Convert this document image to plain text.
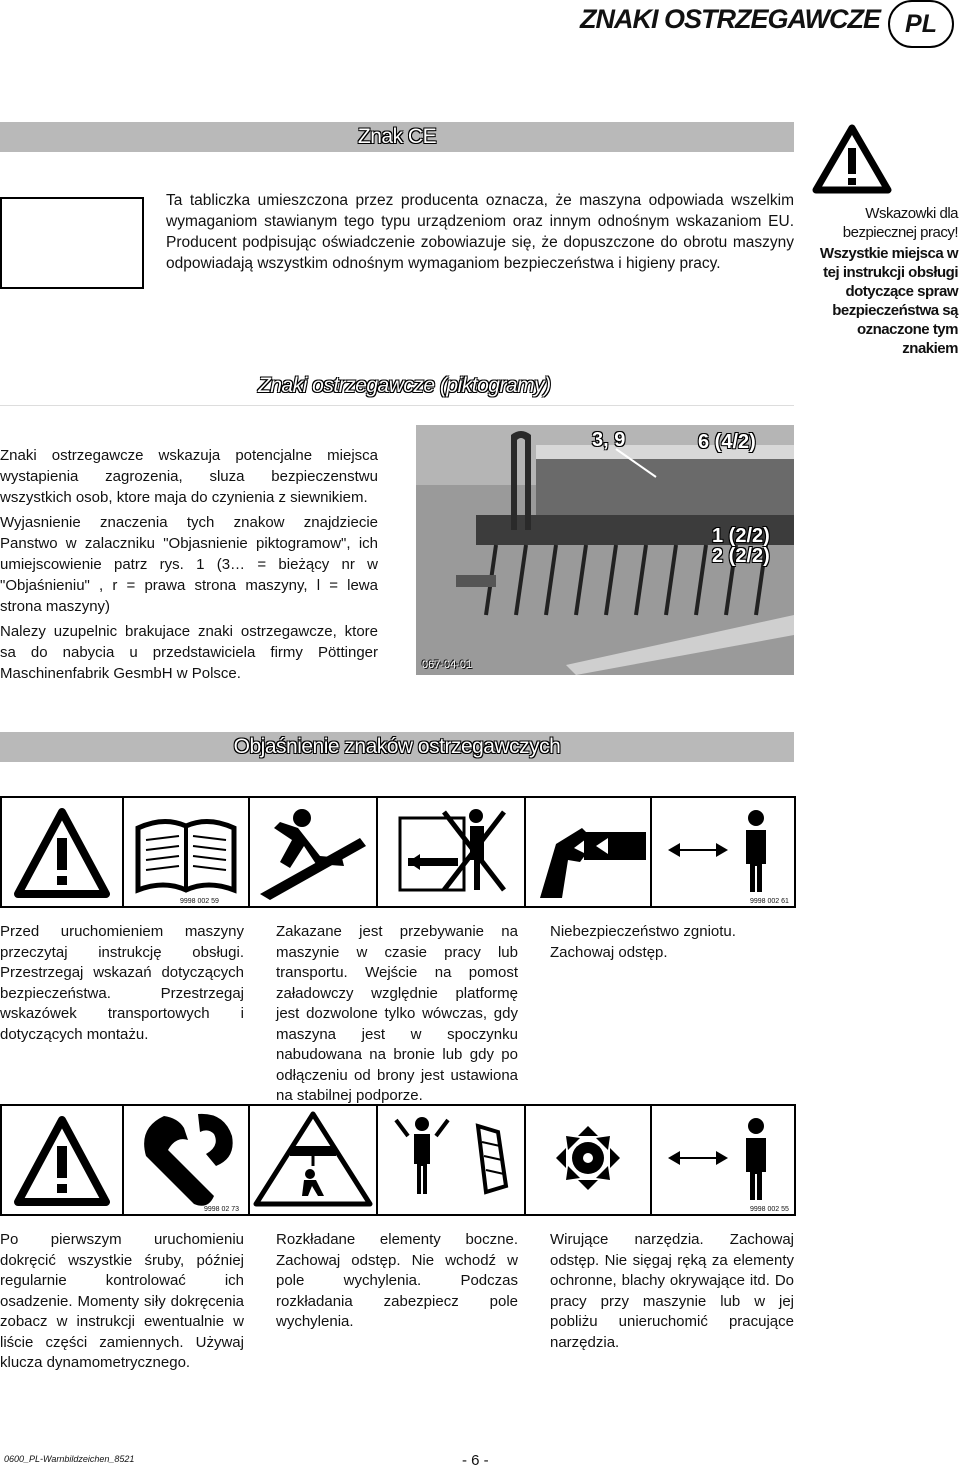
ZNAKI OSTRZEGAWCZE	PL
Znak CE
Ta tabliczka umieszczona przez producenta oznacza, że maszyna odpowiada wszelkim wymaganiom stawianym tego typu urządzeniom oraz innym odnośnym wskazaniom EU. Producent podpisując oświadczenie zobowiazuje się, że dopuszczone do obrotu maszyny odpowiadają wszystkim odnośnym wymaganiom bezpieczeństwa i higieny pracy.
Wskazowki dla bezpiecznej pracy!
Wszystkie miejsca w tej instrukcji obsługi dotyczące spraw bezpieczeństwa są oznaczone tym znakiem
Znaki ostrzegawcze (piktogramy)
Znaki ostrzegawcze wskazuja potencjalne miejsca wystapienia zagrozenia, sluza bezpieczenstwu wszystkich osob, ktore maja do czynienia z siewnikiem.
Wyjasnienie znaczenia tych znakow znajdziecie Panstwo w zalaczniku "Objasnienie piktogramow", ich umiejscowienie patrz rys. 1 (3… = bieżący nr w "Objaśnieniu" , r = prawa strona maszyny, l = lewa strona maszyny)
Nalezy uzupelnic brakujace znaki ostrzegawcze, ktore sa do nabycia u przedstawiciela firmy Pöttinger Maschinenfabrik GesmbH w Polsce.
3, 9	6 (4/2)
1 (2/2)
2 (2/2)
067-04-01
Objaśnienie znaków ostrzegawczych
9998 002 59	9998 002 61
Przed uruchomieniem maszyny przeczytaj instrukcję obsługi. Przestrzegaj wskazań dotyczących bezpieczeństwa. Przestrzegaj wskazówek transportowych i dotyczących montażu.
Zakazane jest przebywanie na maszynie w czasie pracy lub transportu. Wejście na pomost załadowczy względnie platformę jest dozwolone tylko wówczas, gdy maszyna jest w spoczynku nabudowana na bronie lub gdy po odłączeniu od brony jest ustawiona na stabilnej podporze.
Niebezpieczeństwo zgniotu. Zachowaj odstęp.
9998 02 73	9998 002 55
Po pierwszym uruchomieniu dokręcić wszystkie śruby, później regularnie kontrolować ich osadzenie. Momenty siły dokręcenia zobacz w instrukcji ewentualnie w liście części zamiennych. Używaj klucza dynamometrycznego.
Rozkładane elementy boczne. Zachowaj odstęp. Nie wchodź w pole wychylenia. Podczas rozkładania zabezpiecz pole wychylenia.
Wirujące narzędzia. Zachowaj odstęp. Nie sięgaj ręką za elementy ochronne, blachy okrywające itd. Do pracy przy maszynie lub w jej pobliżu unieruchomić pracujące narzędzia.
0600_PL-Warnbildzeichen_8521	- 6 -
